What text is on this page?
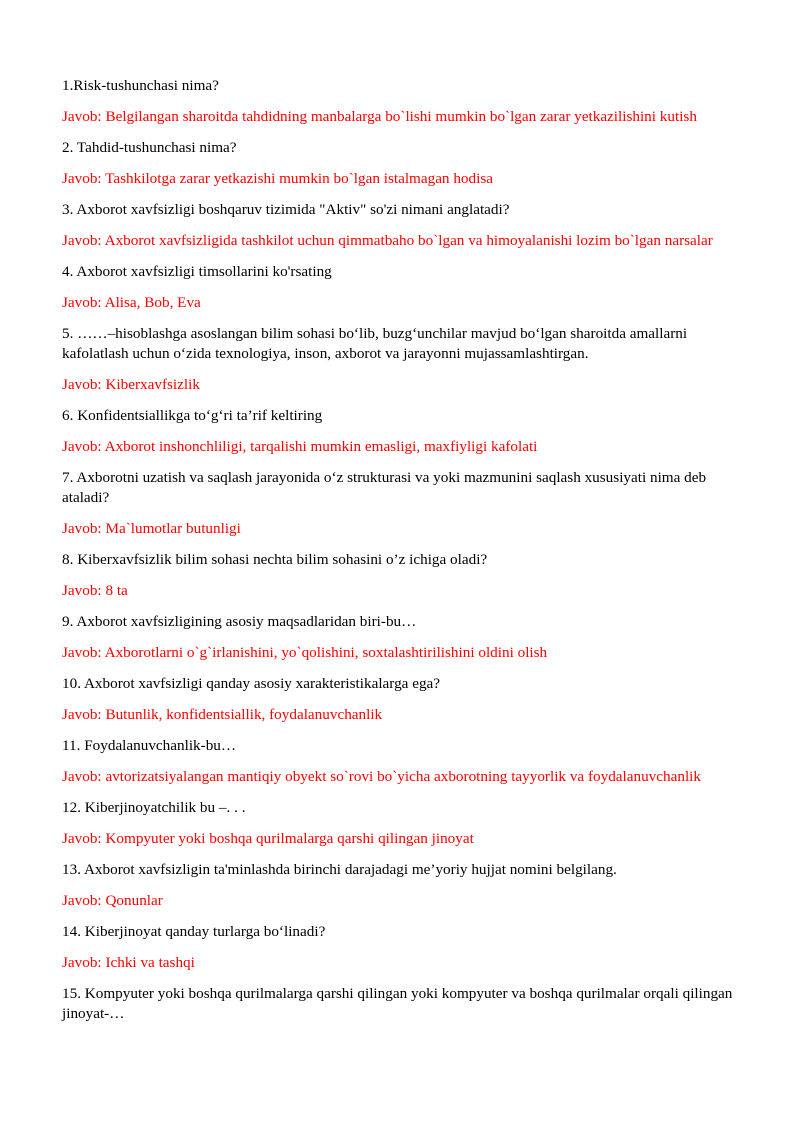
1.Risk-tushunchasi nima?

Javob: Belgilangan sharoitda tahdidning manbalarga bo`lishi mumkin bo`lgan zarar yetkazilishini kutish

2. Tahdid-tushunchasi nima?

Javob: Tashkilotga zarar yetkazishi mumkin bo`lgan istalmagan hodisa

3. Axborot xavfsizligi boshqaruv tizimida "Aktiv" so'zi nimani anglatadi?

Javob: Axborot xavfsizligida tashkilot uchun qimmatbaho bo`lgan va himoyalanishi lozim bo`lgan narsalar

4. Axborot xavfsizligi timsollarini ko'rsating

Javob: Alisa, Bob, Eva

5. ……–hisoblashga asoslangan bilim sohasi bo‘lib, buzg‘unchilar mavjud bo‘lgan sharoitda amallarni kafolatlash uchun o‘zida texnologiya, inson, axborot va jarayonni mujassamlashtirgan.

Javob: Kiberxavfsizlik

6. Konfidentsiallikga to‘g‘ri ta’rif keltiring

Javob: Axborot inshonchliligi, tarqalishi mumkin emasligi, maxfiyligi kafolati

7. Axborotni uzatish va saqlash jarayonida o‘z strukturasi va yoki mazmunini saqlash xususiyati nima deb ataladi?

Javob: Ma`lumotlar butunligi

8. Kiberxavfsizlik bilim sohasi nechta bilim sohasini o’z ichiga oladi?

Javob: 8 ta

9. Axborot xavfsizligining asosiy maqsadlaridan biri-bu…

Javob: Axborotlarni o`g`irlanishini, yo`qolishini, soxtalashtirilishini oldini olish

10. Axborot xavfsizligi qanday asosiy xarakteristikalarga ega?

Javob: Butunlik, konfidentsiallik, foydalanuvchanlik

11. Foydalanuvchanlik-bu…

Javob: avtorizatsiyalangan mantiqiy obyekt so`rovi bo`yicha axborotning tayyorlik va foydalanuvchanlik

12. Kiberjinoyatchilik bu –. . .

Javob: Kompyuter yoki boshqa qurilmalarga qarshi qilingan jinoyat

13. Axborot xavfsizligin ta'minlashda birinchi darajadagi me’yoriy hujjat nomini belgilang.

Javob: Qonunlar

14. Kiberjinoyat qanday turlarga bo‘linadi?

Javob: Ichki va tashqi

15. Kompyuter yoki boshqa qurilmalarga qarshi qilingan yoki kompyuter va boshqa qurilmalar orqali qilingan jinoyat-…
